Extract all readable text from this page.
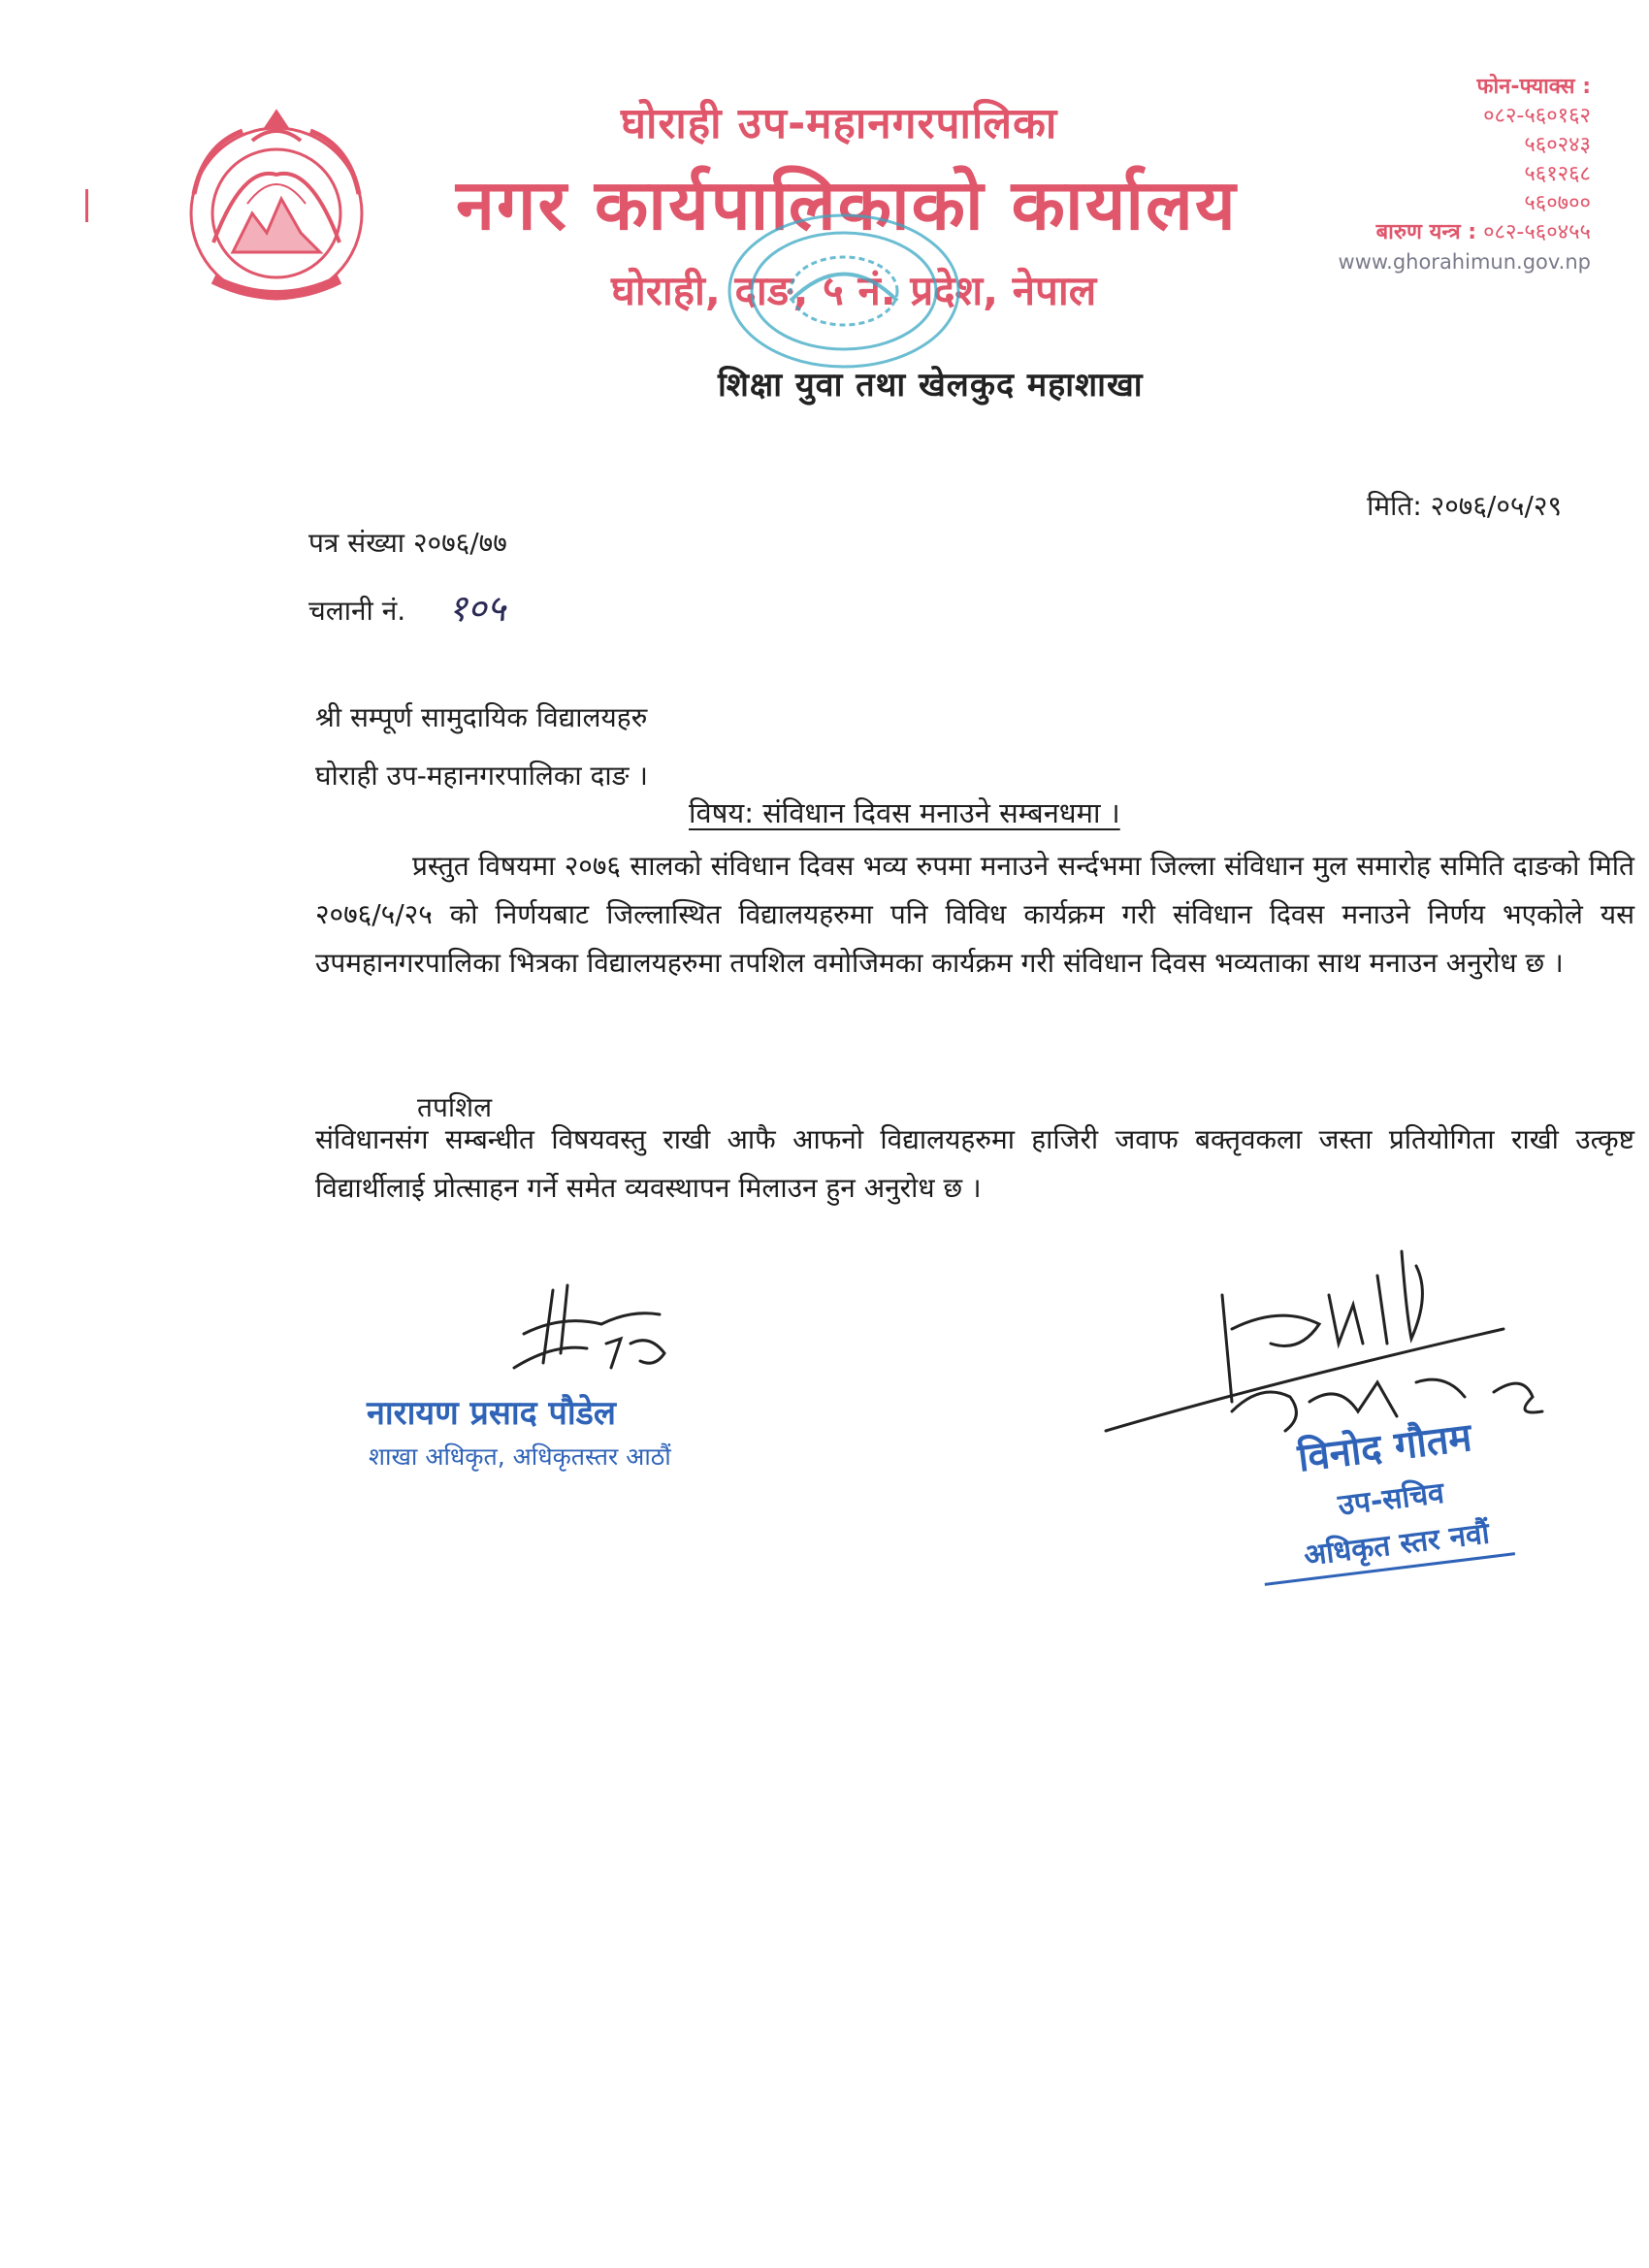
घोराही उप-महानगरपालिका
नगर कार्यपालिकाको कार्यालय
घोराही, दाङ, ५ नं. प्रदेश, नेपाल
फोन-फ्याक्स :
०८२-५६०१६२
५६०२४३
५६१२६८
५६०७००
बारुण यन्त्र : ०८२-५६०४५५
www.ghorahimun.gov.np
शिक्षा युवा तथा खेलकुद महाशाखा
मिति: २०७६/०५/२९
पत्र संख्या २०७६/७७
चलानी नं. १०५
श्री सम्पूर्ण सामुदायिक विद्यालयहरु
घोराही उप-महानगरपालिका दाङ ।
विषय: संविधान दिवस मनाउने सम्बनधमा ।
प्रस्तुत विषयमा २०७६ सालको संविधान दिवस भव्य रुपमा मनाउने सर्न्दभमा जिल्ला संविधान मुल समारोह समिति दाङको मिति २०७६/५/२५ को निर्णयबाट जिल्लास्थित विद्यालयहरुमा पनि विविध कार्यक्रम गरी संविधान दिवस मनाउने निर्णय भएकोले यस उपमहानगरपालिका भित्रका विद्यालयहरुमा तपशिल वमोजिमका कार्यक्रम गरी संविधान दिवस भव्यताका साथ मनाउन अनुरोध छ ।
तपशिल
संविधानसंग सम्बन्धीत विषयवस्तु राखी आफै आफनो विद्यालयहरुमा हाजिरी जवाफ बक्तृवकला जस्ता प्रतियोगिता राखी उत्कृष्ट विद्यार्थीलाई प्रोत्साहन गर्ने समेत व्यवस्थापन मिलाउन हुन अनुरोध छ ।
नारायण प्रसाद पौडेल
शाखा अधिकृत, अधिकृतस्तर आठौं	विनोद गौतम
उप-सचिव
अधिकृत स्तर नवौं
